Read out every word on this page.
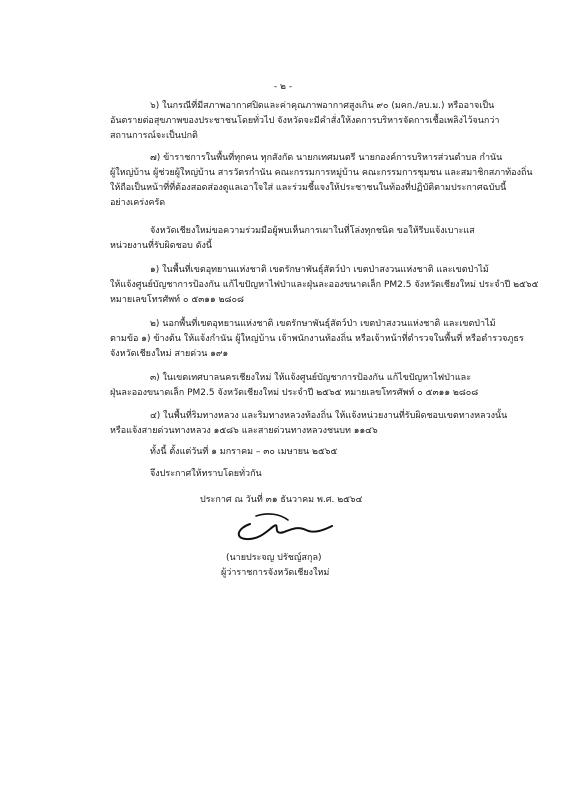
- ๒ -
๖) ในกรณีที่มีสภาพอากาศปิดและค่าคุณภาพอากาศสูงเกิน ๙๐ (มคก./ลบ.ม.) หรืออาจเป็น
อันตรายต่อสุขภาพของประชาชนโดยทั่วไป จังหวัดจะมีคำสั่งให้งดการบริหารจัดการเชื้อเพลิงไว้จนกว่า
สถานการณ์จะเป็นปกติ
๗) ข้าราชการในพื้นที่ทุกคน ทุกสังกัด นายกเทศมนตรี นายกองค์การบริหารส่วนตำบล กำนัน
ผู้ใหญ่บ้าน ผู้ช่วยผู้ใหญ่บ้าน สารวัตรกำนัน คณะกรรมการหมู่บ้าน คณะกรรมการชุมชน และสมาชิกสภาท้องถิ่น
ให้ถือเป็นหน้าที่ที่ต้องสอดส่องดูแลเอาใจใส่ และร่วมชี้แจงให้ประชาชนในท้องที่ปฏิบัติตามประกาศฉบับนี้
อย่างเคร่งครัด
จังหวัดเชียงใหม่ขอความร่วมมือผู้พบเห็นการเผาในที่โล่งทุกชนิด ขอให้รีบแจ้งเบาะแส
หน่วยงานที่รับผิดชอบ ดังนี้
๑) ในพื้นที่เขตอุทยานแห่งชาติ เขตรักษาพันธุ์สัตว์ป่า เขตป่าสงวนแห่งชาติ และเขตป่าไม้
ให้แจ้งศูนย์บัญชาการป้องกัน แก้ไขปัญหาไฟป่าและฝุ่นละอองขนาดเล็ก PM2.5 จังหวัดเชียงใหม่ ประจำปี ๒๕๖๕
หมายเลขโทรศัพท์ ๐ ๕๓๑๑ ๒๘๐๘
๒) นอกพื้นที่เขตอุทยานแห่งชาติ เขตรักษาพันธุ์สัตว์ป่า เขตป่าสงวนแห่งชาติ และเขตป่าไม้
ตามข้อ ๑) ข้างต้น ให้แจ้งกำนัน ผู้ใหญ่บ้าน เจ้าพนักงานท้องถิ่น หรือเจ้าหน้าที่ตำรวจในพื้นที่ หรือตำรวจภูธร
จังหวัดเชียงใหม่ สายด่วน ๑๙๑
๓) ในเขตเทศบาลนครเชียงใหม่ ให้แจ้งศูนย์บัญชาการป้องกัน แก้ไขปัญหาไฟป่าและ
ฝุ่นละอองขนาดเล็ก PM2.5 จังหวัดเชียงใหม่ ประจำปี ๒๕๖๕ หมายเลขโทรศัพท์ ๐ ๕๓๑๑ ๒๘๐๘
๔) ในพื้นที่ริมทางหลวง และริมทางหลวงท้องถิ่น ให้แจ้งหน่วยงานที่รับผิดชอบเขตทางหลวงนั้น
หรือแจ้งสายด่วนทางหลวง ๑๕๘๖ และสายด่วนทางหลวงชนบท ๑๑๔๖
ทั้งนี้ ตั้งแต่วันที่ ๑ มกราคม – ๓๐ เมษายน ๒๕๖๕
จึงประกาศให้ทราบโดยทั่วกัน
ประกาศ ณ วันที่ ๓๑ ธันวาคม พ.ศ. ๒๕๖๔
(นายประจญ ปรัชญ์สกุล)
ผู้ว่าราชการจังหวัดเชียงใหม่
